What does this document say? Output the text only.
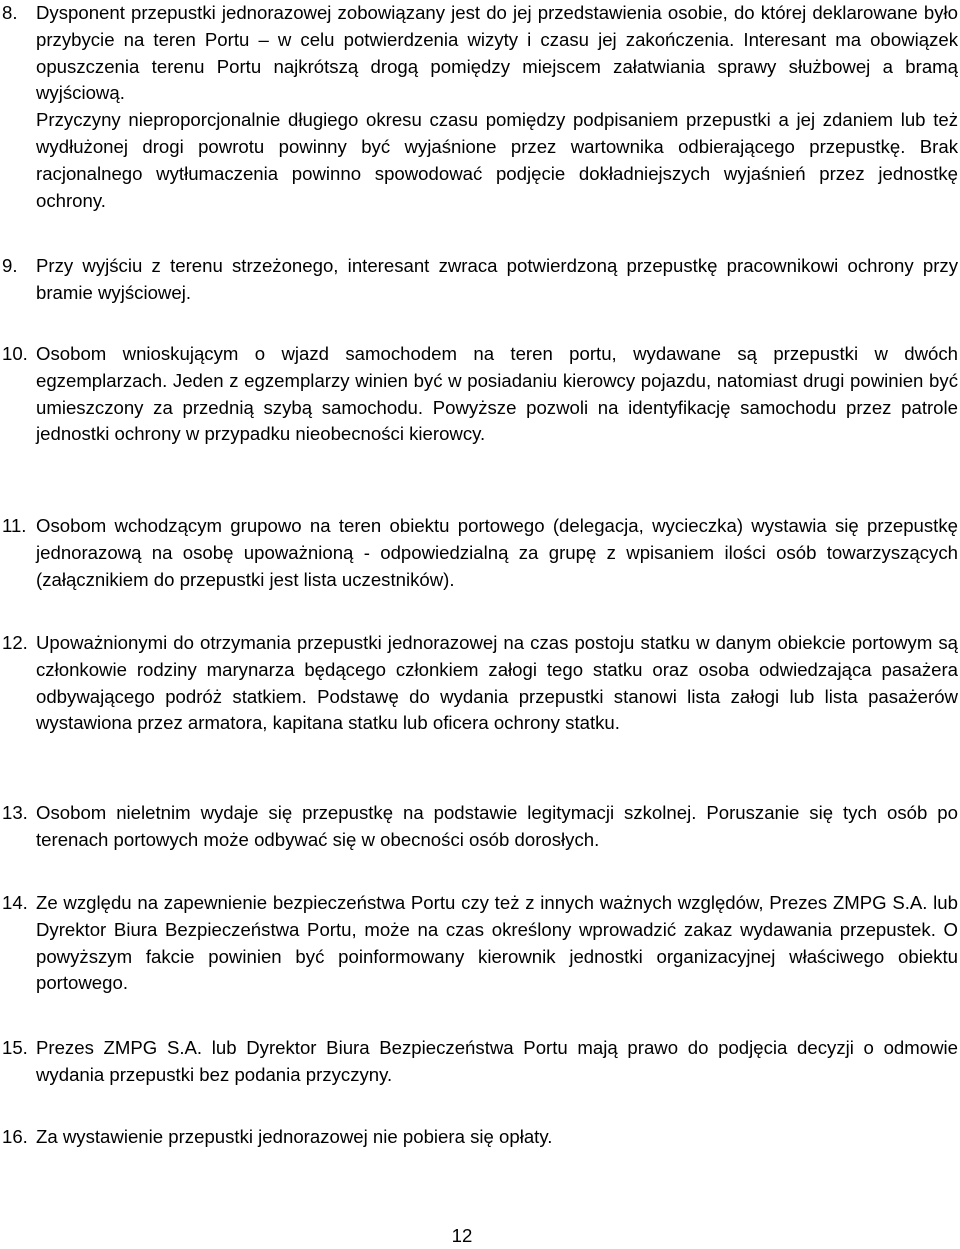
8. Dysponent przepustki jednorazowej zobowiązany jest do jej przedstawienia osobie, do której deklarowane było przybycie na teren Portu – w celu potwierdzenia wizyty i czasu jej zakończenia. Interesant ma obowiązek opuszczenia terenu Portu najkrótszą drogą pomiędzy miejscem załatwiania sprawy służbowej a bramą wyjściową.

Przyczyny nieproporcjonalnie długiego okresu czasu pomiędzy podpisaniem przepustki a jej zdaniem lub też wydłużonej drogi powrotu powinny być wyjaśnione przez wartownika odbierającego przepustkę. Brak racjonalnego wytłumaczenia powinno spowodować podjęcie dokładniejszych wyjaśnień przez jednostkę ochrony.

9. Przy wyjściu z terenu strzeżonego, interesant zwraca potwierdzoną przepustkę pracownikowi ochrony przy bramie wyjściowej.

10. Osobom wnioskującym o wjazd samochodem na teren portu, wydawane są przepustki w dwóch egzemplarzach. Jeden z egzemplarzy winien być w posiadaniu kierowcy pojazdu, natomiast drugi powinien być umieszczony za przednią szybą samochodu. Powyższe pozwoli na identyfikację samochodu przez patrole jednostki ochrony w przypadku nieobecności kierowcy.

11. Osobom wchodzącym grupowo na teren obiektu portowego (delegacja, wycieczka) wystawia się przepustkę jednorazową na osobę upoważnioną - odpowiedzialną za grupę z wpisaniem ilości osób towarzyszących (załącznikiem do przepustki jest lista uczestników).

12. Upoważnionymi do otrzymania przepustki jednorazowej na czas postoju statku w danym obiekcie portowym są członkowie rodziny marynarza będącego członkiem załogi tego statku oraz osoba odwiedzająca pasażera odbywającego podróż statkiem. Podstawę do wydania przepustki stanowi lista załogi lub lista pasażerów wystawiona przez armatora, kapitana statku lub oficera ochrony statku.

13. Osobom nieletnim wydaje się przepustkę na podstawie legitymacji szkolnej. Poruszanie się tych osób po terenach portowych może odbywać się w obecności osób dorosłych.

14. Ze względu na zapewnienie bezpieczeństwa Portu czy też z innych ważnych względów, Prezes ZMPG S.A. lub Dyrektor Biura Bezpieczeństwa Portu, może na czas określony wprowadzić zakaz wydawania przepustek. O powyższym fakcie powinien być poinformowany kierownik jednostki organizacyjnej właściwego obiektu portowego.

15. Prezes ZMPG S.A. lub Dyrektor Biura Bezpieczeństwa Portu mają prawo do podjęcia decyzji o odmowie wydania przepustki bez podania przyczyny.

16. Za wystawienie przepustki jednorazowej nie pobiera się opłaty.

12
